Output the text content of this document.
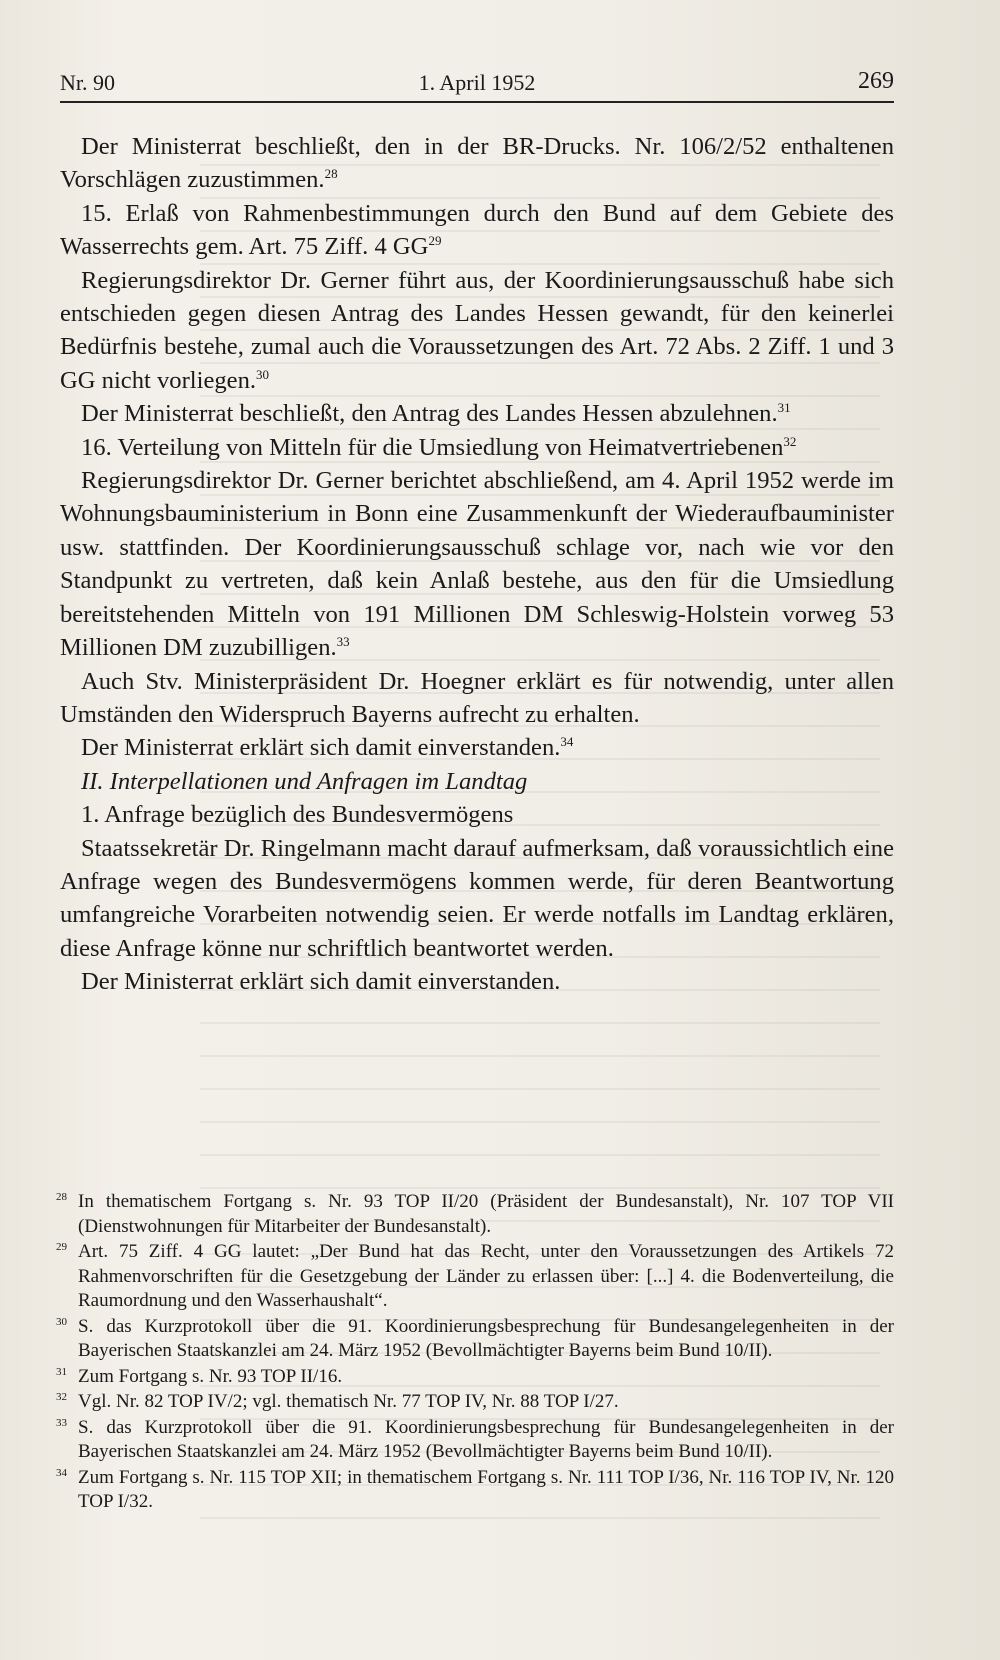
Nr. 90	1. April 1952	269

Der Ministerrat beschließt, den in der BR-Drucks. Nr. 106/2/52 enthaltenen Vorschlägen zuzustimmen.$^{28}$

15. Erlaß von Rahmenbestimmungen durch den Bund auf dem Gebiete des Wasserrechts gem. Art. 75 Ziff. 4 GG$^{29}$

Regierungsdirektor Dr. Gerner führt aus, der Koordinierungsausschuß habe sich entschieden gegen diesen Antrag des Landes Hessen gewandt, für den keinerlei Bedürfnis bestehe, zumal auch die Voraussetzungen des Art. 72 Abs. 2 Ziff. 1 und 3 GG nicht vorliegen.$^{30}$

Der Ministerrat beschließt, den Antrag des Landes Hessen abzulehnen.$^{31}$

16. Verteilung von Mitteln für die Umsiedlung von Heimatvertriebenen$^{32}$

Regierungsdirektor Dr. Gerner berichtet abschließend, am 4. April 1952 werde im Wohnungsbauministerium in Bonn eine Zusammenkunft der Wiederaufbauminister usw. stattfinden. Der Koordinierungsausschuß schlage vor, nach wie vor den Standpunkt zu vertreten, daß kein Anlaß bestehe, aus den für die Umsiedlung bereitstehenden Mitteln von 191 Millionen DM Schleswig-Holstein vorweg 53 Millionen DM zuzubilligen.$^{33}$

Auch Stv. Ministerpräsident Dr. Hoegner erklärt es für notwendig, unter allen Umständen den Widerspruch Bayerns aufrecht zu erhalten.

Der Ministerrat erklärt sich damit einverstanden.$^{34}$

II. Interpellationen und Anfragen im Landtag

1. Anfrage bezüglich des Bundesvermögens

Staatssekretär Dr. Ringelmann macht darauf aufmerksam, daß voraussichtlich eine Anfrage wegen des Bundesvermögens kommen werde, für deren Beantwortung umfangreiche Vorarbeiten notwendig seien. Er werde notfalls im Landtag erklären, diese Anfrage könne nur schriftlich beantwortet werden.

Der Ministerrat erklärt sich damit einverstanden.

28 In thematischem Fortgang s. Nr. 93 TOP II/20 (Präsident der Bundesanstalt), Nr. 107 TOP VII (Dienstwohnungen für Mitarbeiter der Bundesanstalt).
29 Art. 75 Ziff. 4 GG lautet: „Der Bund hat das Recht, unter den Voraussetzungen des Artikels 72 Rahmenvorschriften für die Gesetzgebung der Länder zu erlassen über: [...] 4. die Bodenverteilung, die Raumordnung und den Wasserhaushalt“.
30 S. das Kurzprotokoll über die 91. Koordinierungsbesprechung für Bundesangelegenheiten in der Bayerischen Staatskanzlei am 24. März 1952 (Bevollmächtigter Bayerns beim Bund 10/II).
31 Zum Fortgang s. Nr. 93 TOP II/16.
32 Vgl. Nr. 82 TOP IV/2; vgl. thematisch Nr. 77 TOP IV, Nr. 88 TOP I/27.
33 S. das Kurzprotokoll über die 91. Koordinierungsbesprechung für Bundesangelegenheiten in der Bayerischen Staatskanzlei am 24. März 1952 (Bevollmächtigter Bayerns beim Bund 10/II).
34 Zum Fortgang s. Nr. 115 TOP XII; in thematischem Fortgang s. Nr. 111 TOP I/36, Nr. 116 TOP IV, Nr. 120 TOP I/32.
